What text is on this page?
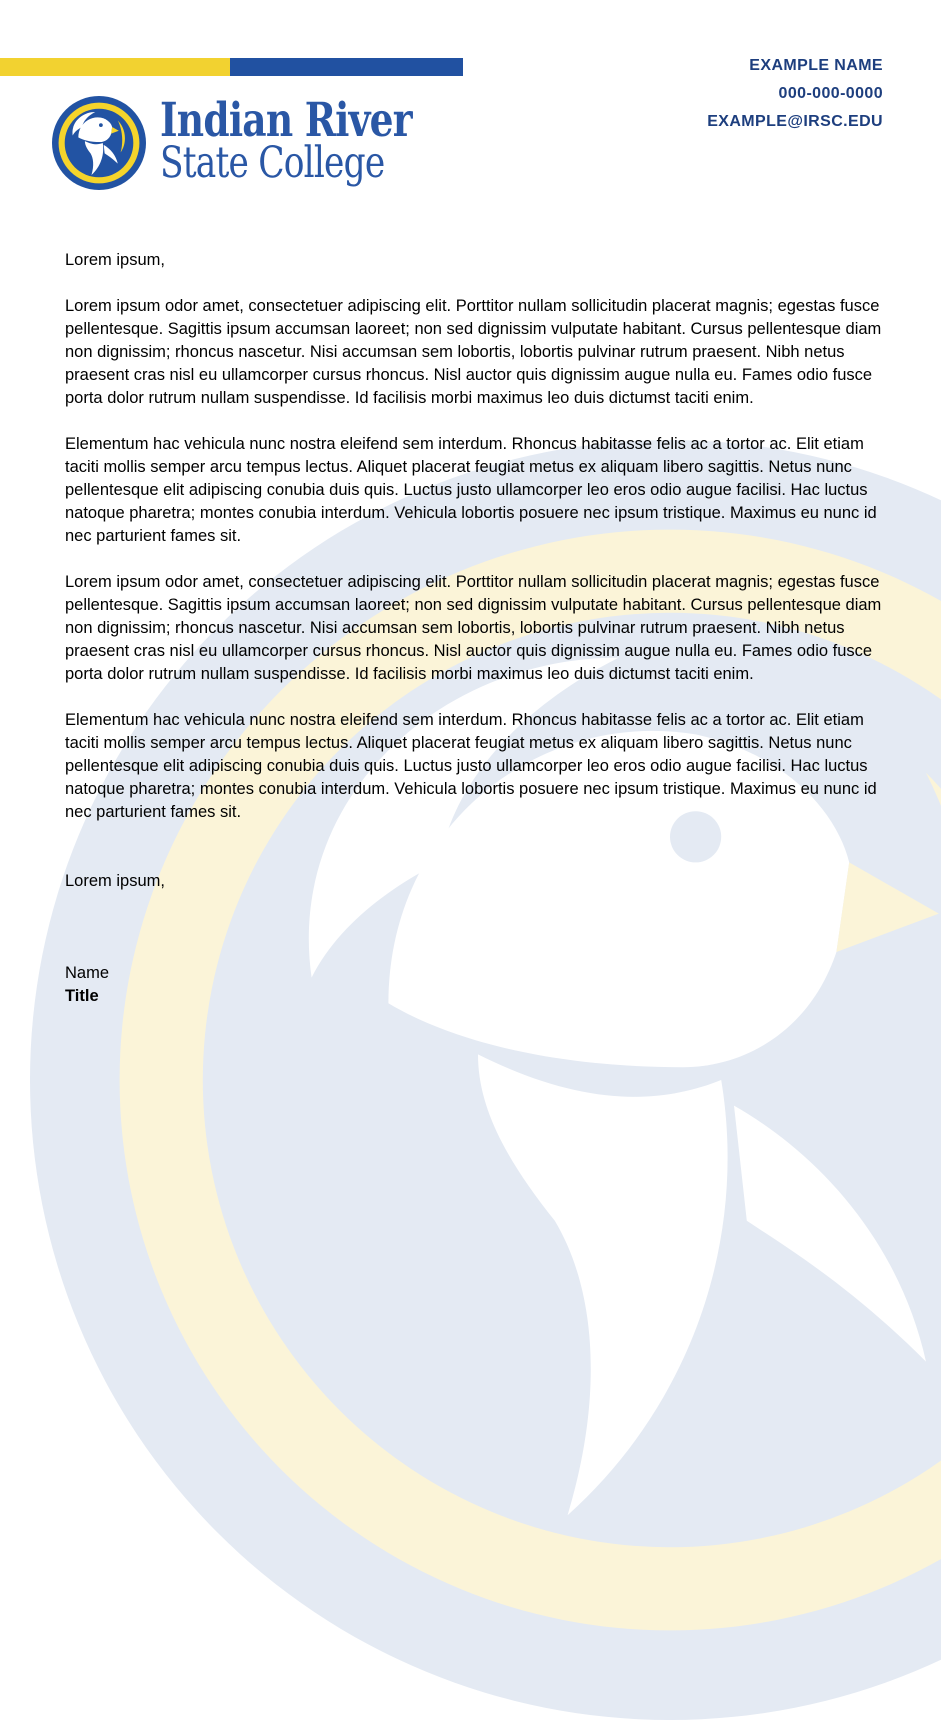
EXAMPLE NAME
000-000-0000
EXAMPLE@IRSC.EDU
Indian River
State College

Lorem ipsum,

Lorem ipsum odor amet, consectetuer adipiscing elit. Porttitor nullam sollicitudin placerat magnis; egestas fusce pellentesque. Sagittis ipsum accumsan laoreet; non sed dignissim vulputate habitant. Cursus pellentesque diam non dignissim; rhoncus nascetur. Nisi accumsan sem lobortis, lobortis pulvinar rutrum praesent. Nibh netus praesent cras nisl eu ullamcorper cursus rhoncus. Nisl auctor quis dignissim augue nulla eu. Fames odio fusce porta dolor rutrum nullam suspendisse. Id facilisis morbi maximus leo duis dictumst taciti enim.

Elementum hac vehicula nunc nostra eleifend sem interdum. Rhoncus habitasse felis ac a tortor ac. Elit etiam taciti mollis semper arcu tempus lectus. Aliquet placerat feugiat metus ex aliquam libero sagittis. Netus nunc pellentesque elit adipiscing conubia duis quis. Luctus justo ullamcorper leo eros odio augue facilisi. Hac luctus natoque pharetra; montes conubia interdum. Vehicula lobortis posuere nec ipsum tristique. Maximus eu nunc id nec parturient fames sit.

Lorem ipsum odor amet, consectetuer adipiscing elit. Porttitor nullam sollicitudin placerat magnis; egestas fusce pellentesque. Sagittis ipsum accumsan laoreet; non sed dignissim vulputate habitant. Cursus pellentesque diam non dignissim; rhoncus nascetur. Nisi accumsan sem lobortis, lobortis pulvinar rutrum praesent. Nibh netus praesent cras nisl eu ullamcorper cursus rhoncus. Nisl auctor quis dignissim augue nulla eu. Fames odio fusce porta dolor rutrum nullam suspendisse. Id facilisis morbi maximus leo duis dictumst taciti enim.

Elementum hac vehicula nunc nostra eleifend sem interdum. Rhoncus habitasse felis ac a tortor ac. Elit etiam taciti mollis semper arcu tempus lectus. Aliquet placerat feugiat metus ex aliquam libero sagittis. Netus nunc pellentesque elit adipiscing conubia duis quis. Luctus justo ullamcorper leo eros odio augue facilisi. Hac luctus natoque pharetra; montes conubia interdum. Vehicula lobortis posuere nec ipsum tristique. Maximus eu nunc id nec parturient fames sit.

Lorem ipsum,

Name
Title
